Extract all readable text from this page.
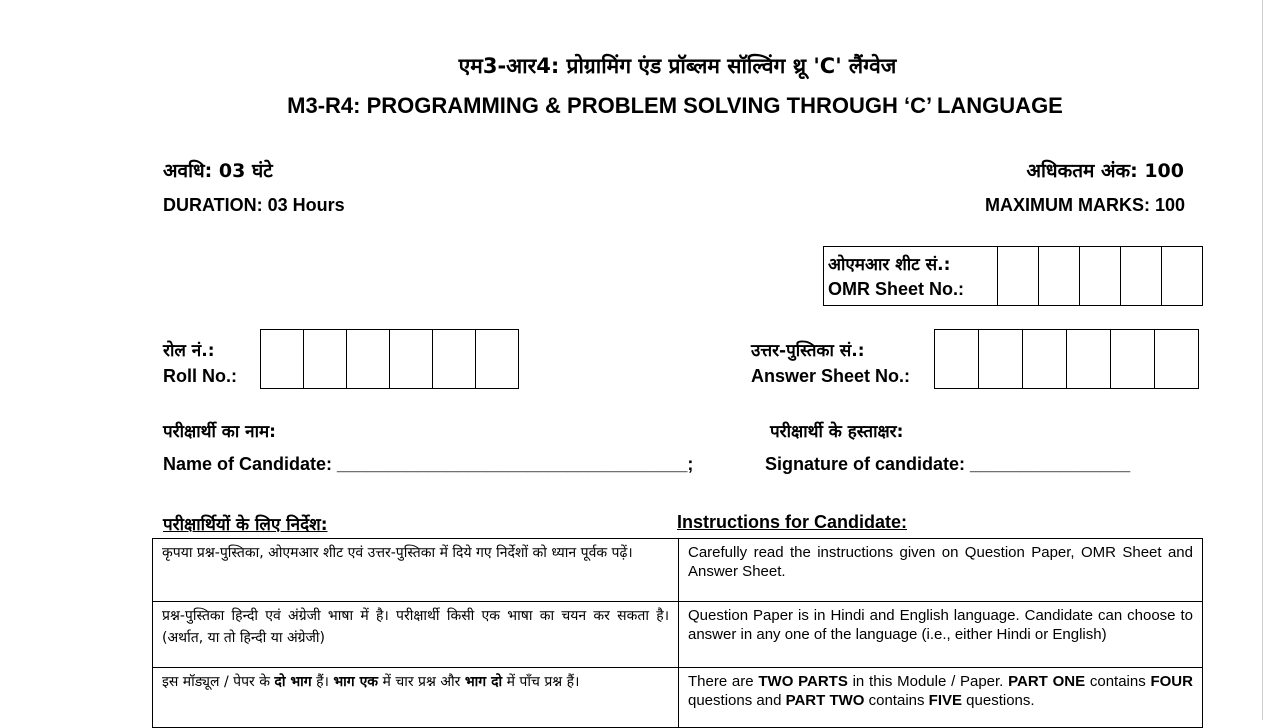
एम3-आर4: प्रोग्रामिंग एंड प्रॉब्लम सॉल्विंग थ्रू 'C' लैंग्वेज
M3-R4: PROGRAMMING & PROBLEM SOLVING THROUGH ‘C’ LANGUAGE
अवधि: 03 घंटे
DURATION: 03 Hours
अधिकतम अंक: 100
MAXIMUM MARKS: 100
ओएमआर शीट सं.:
OMR Sheet No.:
रोल नं.:
Roll No.:
उत्तर-पुस्तिका सं.:
Answer Sheet No.:
परीक्षार्थी का नाम:	परीक्षार्थी के हस्ताक्षर:
Name of Candidate: ___________________________________;	Signature of candidate: ________________
परीक्षार्थियों के लिए निर्देश:	Instructions for Candidate:
कृपया प्रश्न-पुस्तिका, ओएमआर शीट एवं उत्तर-पुस्तिका में दिये गए निर्देशों को ध्यान पूर्वक पढ़ें।	Carefully read the instructions given on Question Paper, OMR Sheet and Answer Sheet.
प्रश्न-पुस्तिका हिन्दी एवं अंग्रेजी भाषा में है। परीक्षार्थी किसी एक भाषा का चयन कर सकता है। (अर्थात, या तो हिन्दी या अंग्रेजी)	Question Paper is in Hindi and English language. Candidate can choose to answer in any one of the language (i.e., either Hindi or English)
इस मॉड्यूल / पेपर के दो भाग हैं। भाग एक में चार प्रश्न और भाग दो में पाँच प्रश्न हैं।	There are TWO PARTS in this Module / Paper. PART ONE contains FOUR questions and PART TWO contains FIVE questions.
